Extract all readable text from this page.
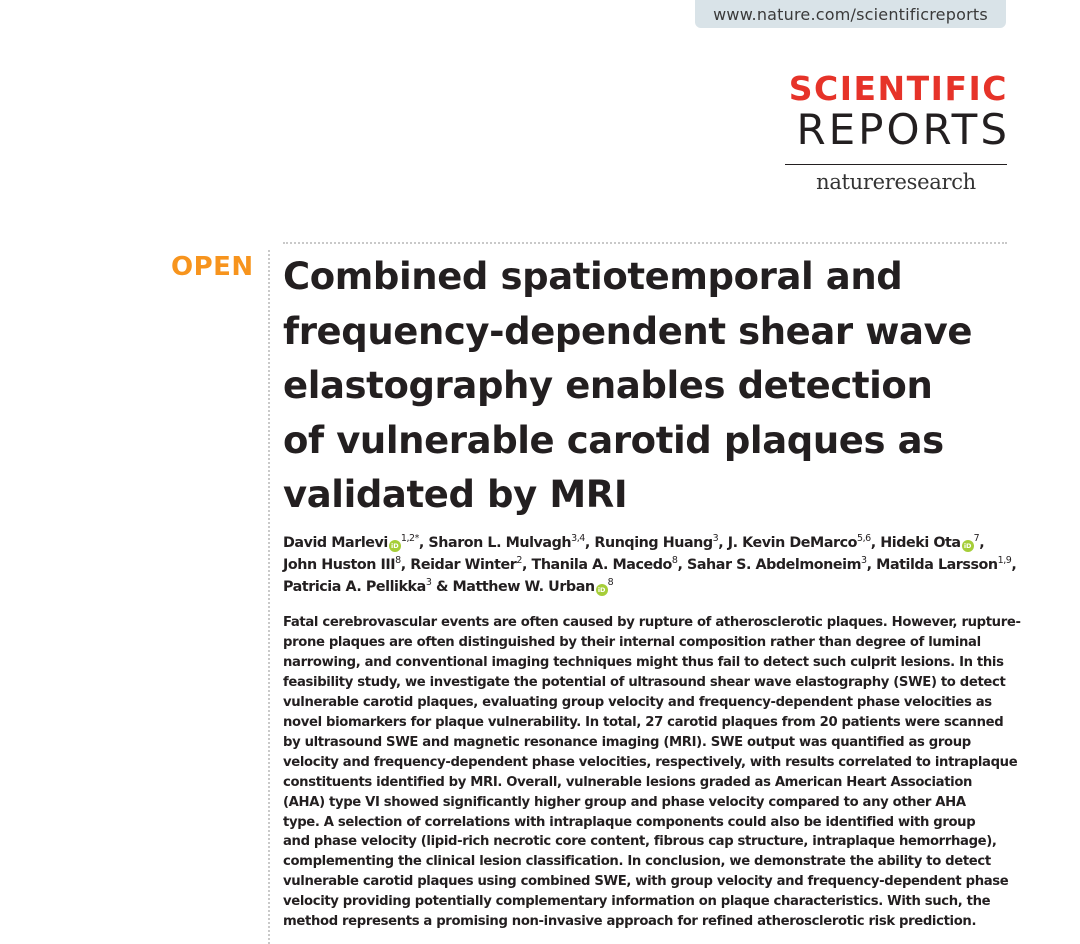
www.nature.com/scientificreports
SCIENTIFIC
REPORTS
natureresearch
OPEN Combined spatiotemporal and
frequency-dependent shear wave
elastography enables detection
of vulnerable carotid plaques as
validated by MRI
David Marlevi $iD^{1,2*}$, Sharon L. Mulvagh$^{3,4}$, Runqing Huang$^3$, J. Kevin DeMarco$^{5,6}$, Hideki Ota $iD^7$,
John Huston III$^8$, Reidar Winter$^2$, Thanila A. Macedo$^8$, Sahar S. Abdelmoneim$^3$, Matilda Larsson$^{1,9}$,
Patricia A. Pellikka$^3$ & Matthew W. Urban $iD^8$
Fatal cerebrovascular events are often caused by rupture of atherosclerotic plaques. However, rupture-
prone plaques are often distinguished by their internal composition rather than degree of luminal
narrowing, and conventional imaging techniques might thus fail to detect such culprit lesions. In this
feasibility study, we investigate the potential of ultrasound shear wave elastography (SWE) to detect
vulnerable carotid plaques, evaluating group velocity and frequency-dependent phase velocities as
novel biomarkers for plaque vulnerability. In total, 27 carotid plaques from 20 patients were scanned
by ultrasound SWE and magnetic resonance imaging (MRI). SWE output was quantified as group
velocity and frequency-dependent phase velocities, respectively, with results correlated to intraplaque
constituents identified by MRI. Overall, vulnerable lesions graded as American Heart Association
(AHA) type VI showed significantly higher group and phase velocity compared to any other AHA
type. A selection of correlations with intraplaque components could also be identified with group
and phase velocity (lipid-rich necrotic core content, fibrous cap structure, intraplaque hemorrhage),
complementing the clinical lesion classification. In conclusion, we demonstrate the ability to detect
vulnerable carotid plaques using combined SWE, with group velocity and frequency-dependent phase
velocity providing potentially complementary information on plaque characteristics. With such, the
method represents a promising non-invasive approach for refined atherosclerotic risk prediction.
